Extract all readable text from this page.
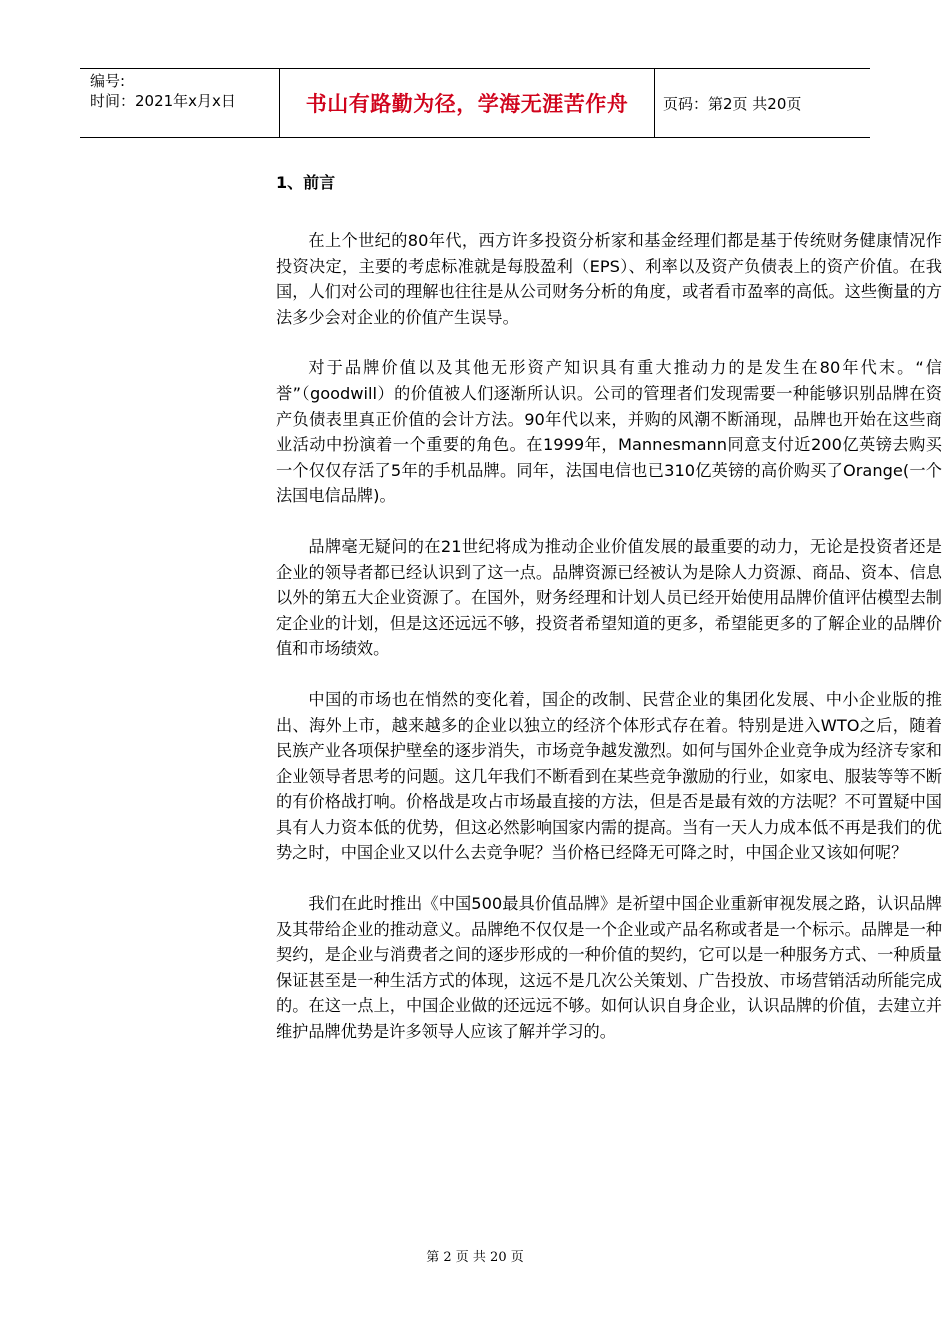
编号:
时间：2021年x月x日	书山有路勤为径，学海无涯苦作舟	页码：第2页 共20页
1、前言

在上个世纪的80年代，西方许多投资分析家和基金经理们都是基于传统财务健康情况作投资决定，主要的考虑标准就是每股盈利（EPS）、利率以及资产负债表上的资产价值。在我国，人们对公司的理解也往往是从公司财务分析的角度，或者看市盈率的高低。这些衡量的方法多少会对企业的价值产生误导。

对于品牌价值以及其他无形资产知识具有重大推动力的是发生在80年代末。“信誉”（goodwill）的价值被人们逐渐所认识。公司的管理者们发现需要一种能够识别品牌在资产负债表里真正价值的会计方法。90年代以来，并购的风潮不断涌现，品牌也开始在这些商业活动中扮演着一个重要的角色。在1999年，Mannesmann同意支付近200亿英镑去购买一个仅仅存活了5年的手机品牌。同年，法国电信也已310亿英镑的高价购买了Orange(一个法国电信品牌)。

品牌毫无疑问的在21世纪将成为推动企业价值发展的最重要的动力，无论是投资者还是企业的领导者都已经认识到了这一点。品牌资源已经被认为是除人力资源、商品、资本、信息以外的第五大企业资源了。在国外，财务经理和计划人员已经开始使用品牌价值评估模型去制定企业的计划，但是这还远远不够，投资者希望知道的更多，希望能更多的了解企业的品牌价值和市场绩效。

中国的市场也在悄然的变化着，国企的改制、民营企业的集团化发展、中小企业版的推出、海外上市，越来越多的企业以独立的经济个体形式存在着。特别是进入WTO之后，随着民族产业各项保护壁垒的逐步消失，市场竞争越发激烈。如何与国外企业竞争成为经济专家和企业领导者思考的问题。这几年我们不断看到在某些竞争激励的行业，如家电、服装等等不断的有价格战打响。价格战是攻占市场最直接的方法，但是否是最有效的方法呢？不可置疑中国具有人力资本低的优势，但这必然影响国家内需的提高。当有一天人力成本低不再是我们的优势之时，中国企业又以什么去竞争呢？当价格已经降无可降之时，中国企业又该如何呢？

我们在此时推出《中国500最具价值品牌》是祈望中国企业重新审视发展之路，认识品牌及其带给企业的推动意义。品牌绝不仅仅是一个企业或产品名称或者是一个标示。品牌是一种契约，是企业与消费者之间的逐步形成的一种价值的契约，它可以是一种服务方式、一种质量保证甚至是一种生活方式的体现，这远不是几次公关策划、广告投放、市场营销活动所能完成的。在这一点上，中国企业做的还远远不够。如何认识自身企业，认识品牌的价值，去建立并维护品牌优势是许多领导人应该了解并学习的。

第 2 页 共 20 页
